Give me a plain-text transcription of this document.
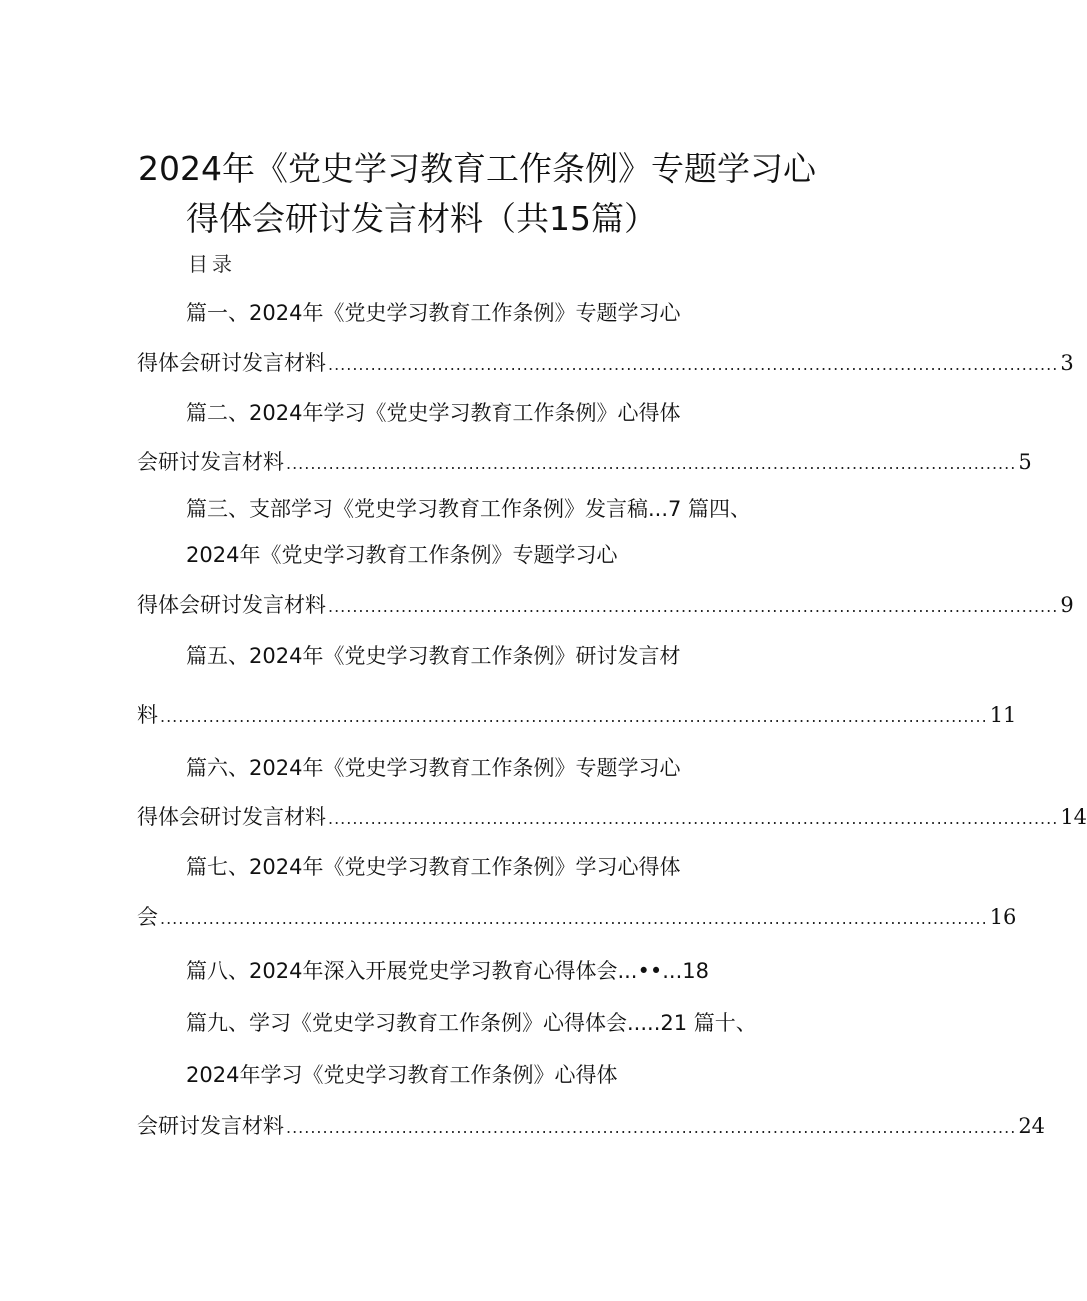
2024年《党史学习教育工作条例》专题学习心
得体会研讨发言材料（共15篇）
目录
篇一、2024年《党史学习教育工作条例》专题学习心
得体会研讨发言材料 ........................................................................................................................ 3
篇二、2024年学习《党史学习教育工作条例》心得体
会研讨发言材料 ........................................................................................................................ 5
篇三、支部学习《党史学习教育工作条例》发言稿...7 篇四、
2024年《党史学习教育工作条例》专题学习心
得体会研讨发言材料 ........................................................................................................................ 9
篇五、2024年《党史学习教育工作条例》研讨发言材
料 ........................................................................................................................................ 11
篇六、2024年《党史学习教育工作条例》专题学习心
得体会研讨发言材料 ........................................................................................................................ 14
篇七、2024年《党史学习教育工作条例》学习心得体
会 ........................................................................................................................................ 16
篇八、2024年深入开展党史学习教育心得体会...••...18
篇九、学习《党史学习教育工作条例》心得体会.....21 篇十、
2024年学习《党史学习教育工作条例》心得体
会研讨发言材料 ........................................................................................................................ 24
